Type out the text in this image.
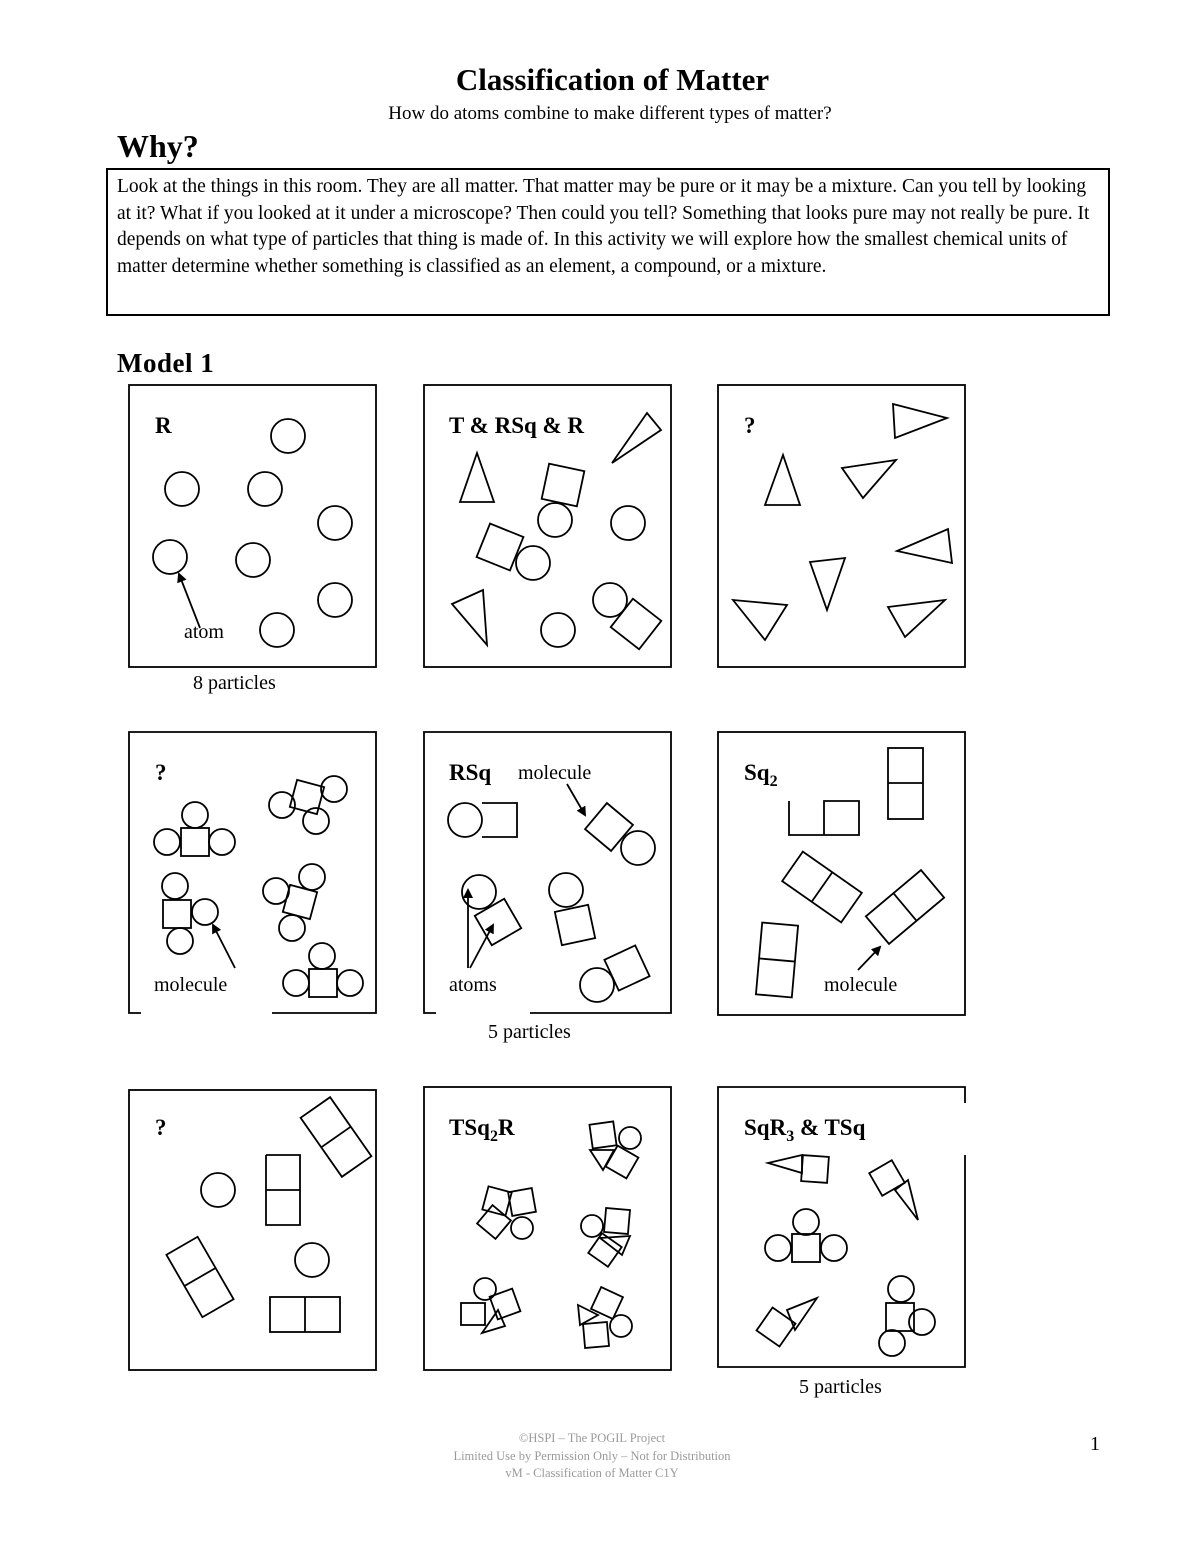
Classification of Matter
How do atoms combine to make different types of matter?
Why?
Look at the things in this room. They are all matter. That matter may be pure or it may be a mixture. Can you tell by looking at it? What if you looked at it under a microscope? Then could you tell? Something that looks pure may not really be pure. It depends on what type of particles that thing is made of. In this activity we will explore how the smallest chemical units of matter determine whether something is classified as an element, a compound, or a mixture.
Model 1
R
atom
8 particles
T & RSq & R	?
?
molecule
RSq molecule
atoms
5 particles
$Sq_2$
molecule
?	TSq$_2$R	SqR$_3$ & TSq
5 particles
©HSPI – The POGIL Project
Limited Use by Permission Only – Not for Distribution
vM - Classification of Matter C1Y
1
